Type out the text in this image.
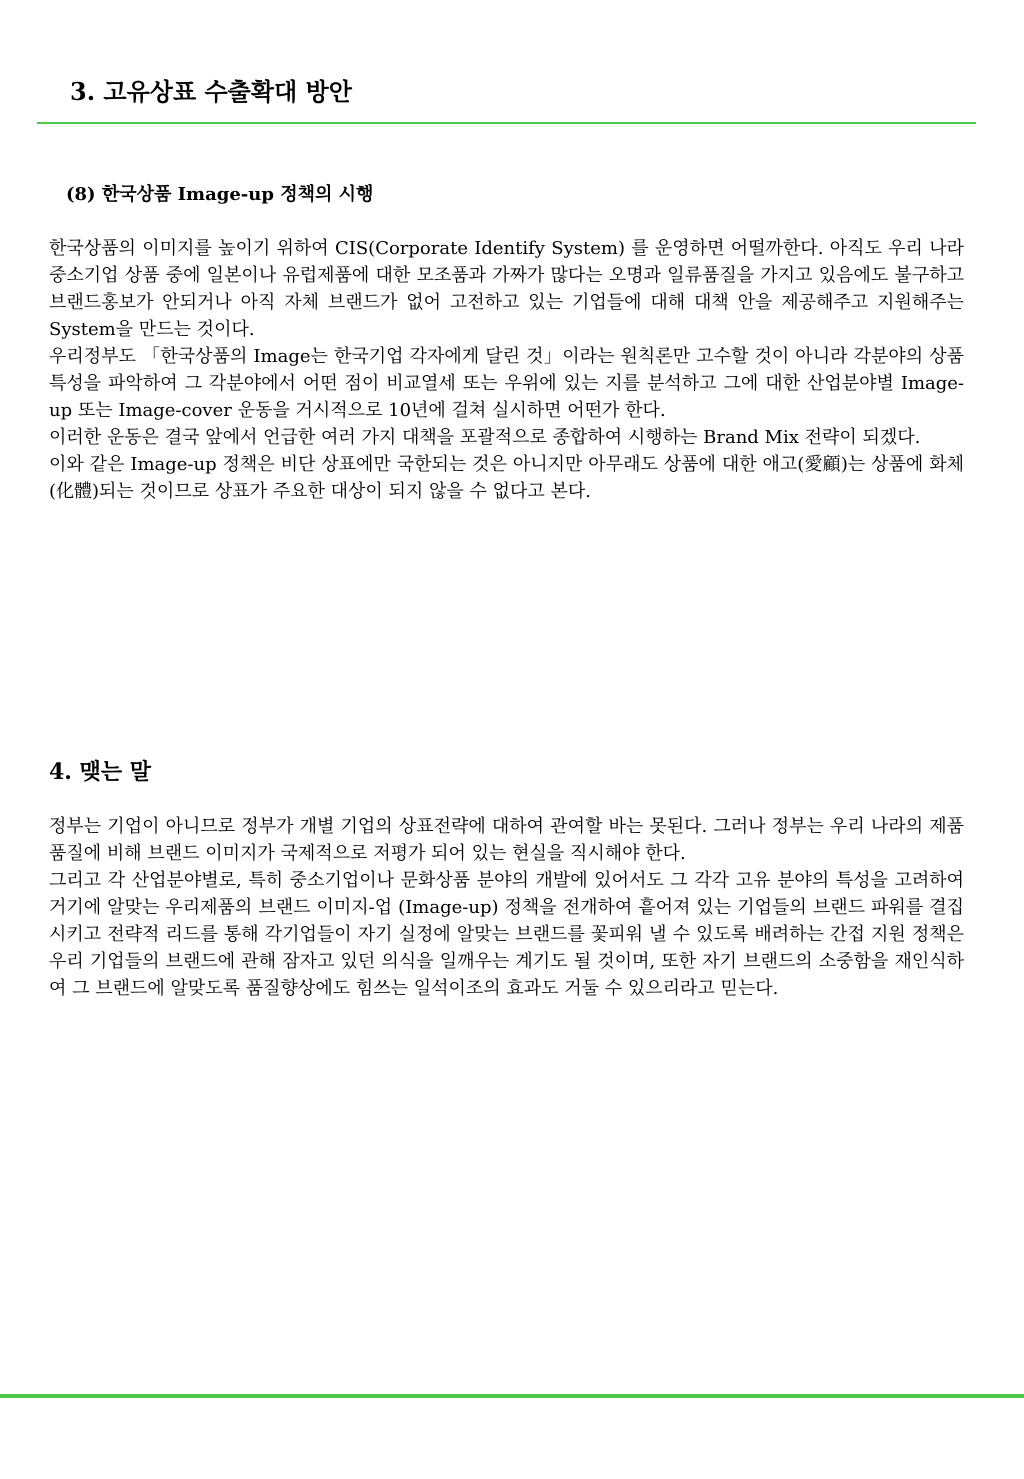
3. 고유상표 수출확대 방안
(8) 한국상품 Image-up 정책의 시행

한국상품의 이미지를 높이기 위하여 CIS(Corporate Identify System) 를 운영하면 어떨까한다. 아직도 우리 나라 중소기업 상품 중에 일본이나 유럽제품에 대한 모조품과 가짜가 많다는 오명과 일류품질을 가지고 있음에도 불구하고 브랜드홍보가 안되거나 아직 자체 브랜드가 없어 고전하고 있는 기업들에 대해 대책 안을 제공해주고 지원해주는 System을 만드는 것이다.

우리정부도 「한국상품의 Image는 한국기업 각자에게 달린 것」이라는 원칙론만 고수할 것이 아니라 각분야의 상품특성을 파악하여 그 각분야에서 어떤 점이 비교열세 또는 우위에 있는 지를 분석하고 그에 대한 산업분야별 Image-up 또는 Image-cover 운동을 거시적으로 10년에 걸쳐 실시하면 어떤가 한다.

이러한 운동은 결국 앞에서 언급한 여러 가지 대책을 포괄적으로 종합하여 시행하는 Brand Mix 전략이 되겠다.

이와 같은 Image-up 정책은 비단 상표에만 국한되는 것은 아니지만 아무래도 상품에 대한 애고(愛顧)는 상품에 화체(化體)되는 것이므로 상표가 주요한 대상이 되지 않을 수 없다고 본다.

4. 맺는 말

정부는 기업이 아니므로 정부가 개별 기업의 상표전략에 대하여 관여할 바는 못된다. 그러나 정부는 우리 나라의 제품 품질에 비해 브랜드 이미지가 국제적으로 저평가 되어 있는 현실을 직시해야 한다.

그리고 각 산업분야별로, 특히 중소기업이나 문화상품 분야의 개발에 있어서도 그 각각 고유 분야의 특성을 고려하여 거기에 알맞는 우리제품의 브랜드 이미지-업 (Image-up) 정책을 전개하여 흩어져 있는 기업들의 브랜드 파워를 결집시키고 전략적 리드를 통해 각기업들이 자기 실정에 알맞는 브랜드를 꽃피워 낼 수 있도록 배려하는 간접 지원 정책은 우리 기업들의 브랜드에 관해 잠자고 있던 의식을 일깨우는 계기도 될 것이며, 또한 자기 브랜드의 소중함을 재인식하여 그 브랜드에 알맞도록 품질향상에도 힘쓰는 일석이조의 효과도 거둘 수 있으리라고 믿는다.
